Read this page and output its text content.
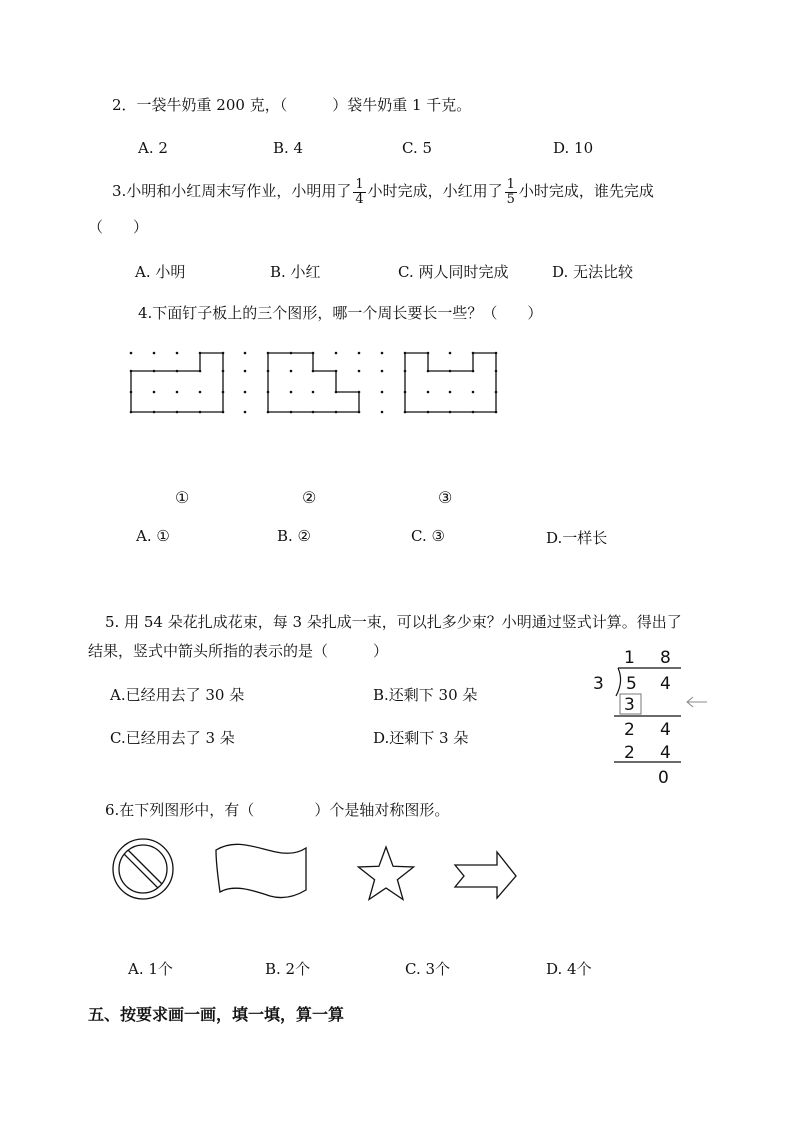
2．一袋牛奶重 200 克，（　　　）袋牛奶重 1 千克。
A. 2	B. 4	C. 5	D. 10
3.小明和小红周末写作业，小明用了 $\frac{1}{4}$ 小时完成，小红用了 $\frac{1}{5}$ 小时完成，谁先完成
（　　）
A. 小明	B. 小红	C. 两人同时完成	D. 无法比较
4.下面钉子板上的三个图形，哪一个周长要长一些？（　　）
①	②	③
A. ①	B. ②	C. ③	D.一样长
5. 用 54 朵花扎成花束，每 3 朵扎成一束，可以扎多少束？小明通过竖式计算。得出了
结果，竖式中箭头所指的表示的是（　　　）
A.已经用去了 30 朵	B.还剩下 30 朵
C.已经用去了 3 朵	D.还剩下 3 朵
1 8
3 5 4
3
2 4
2 4
0
6.在下列图形中，有（　　　　）个是轴对称图形。
A. 1个	B. 2个	C. 3个	D. 4个
五、按要求画一画，填一填，算一算
